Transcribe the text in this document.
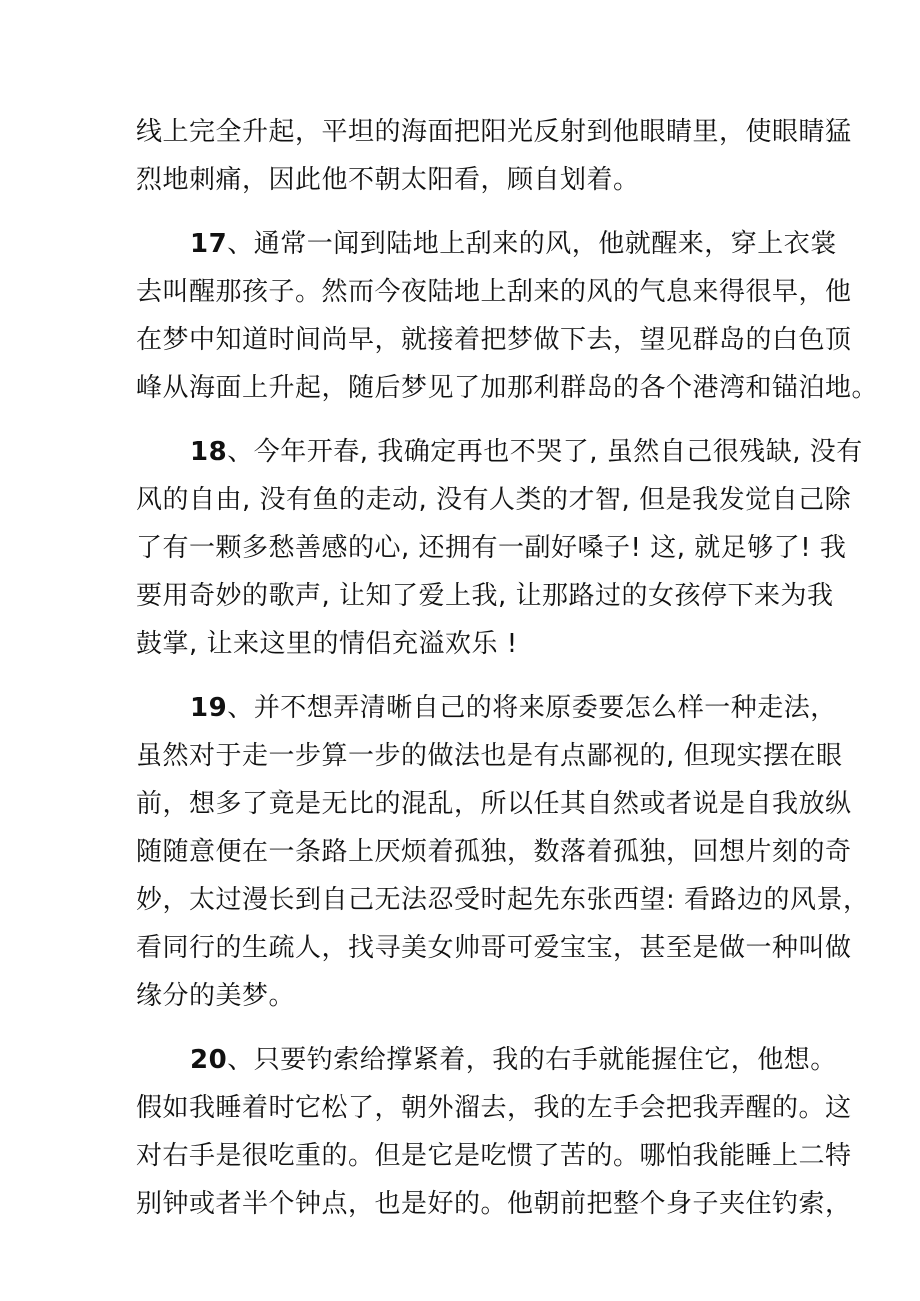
线上完全升起，平坦的海面把阳光反射到他眼睛里，使眼睛猛
烈地刺痛，因此他不朝太阳看，顾自划着。
17、通常一闻到陆地上刮来的风，他就醒来，穿上衣裳
去叫醒那孩子。然而今夜陆地上刮来的风的气息来得很早，他
在梦中知道时间尚早，就接着把梦做下去，望见群岛的白色顶
峰从海面上升起，随后梦见了加那利群岛的各个港湾和锚泊地。
18、今年开春, 我确定再也不哭了, 虽然自己很残缺, 没有
风的自由, 没有鱼的走动, 没有人类的才智, 但是我发觉自己除
了有一颗多愁善感的心, 还拥有一副好嗓子! 这, 就足够了! 我
要用奇妙的歌声, 让知了爱上我, 让那路过的女孩停下来为我
鼓掌, 让来这里的情侣充溢欢乐 !
19、并不想弄清晰自己的将来原委要怎么样一种走法，
虽然对于走一步算一步的做法也是有点鄙视的, 但现实摆在眼
前，想多了竟是无比的混乱，所以任其自然或者说是自我放纵
随随意便在一条路上厌烦着孤独，数落着孤独，回想片刻的奇
妙，太过漫长到自己无法忍受时起先东张西望: 看路边的风景，
看同行的生疏人，找寻美女帅哥可爱宝宝，甚至是做一种叫做
缘分的美梦。
20、只要钓索给撑紧着，我的右手就能握住它，他想。
假如我睡着时它松了，朝外溜去，我的左手会把我弄醒的。这
对右手是很吃重的。但是它是吃惯了苦的。哪怕我能睡上二特
别钟或者半个钟点，也是好的。他朝前把整个身子夹住钓索，
